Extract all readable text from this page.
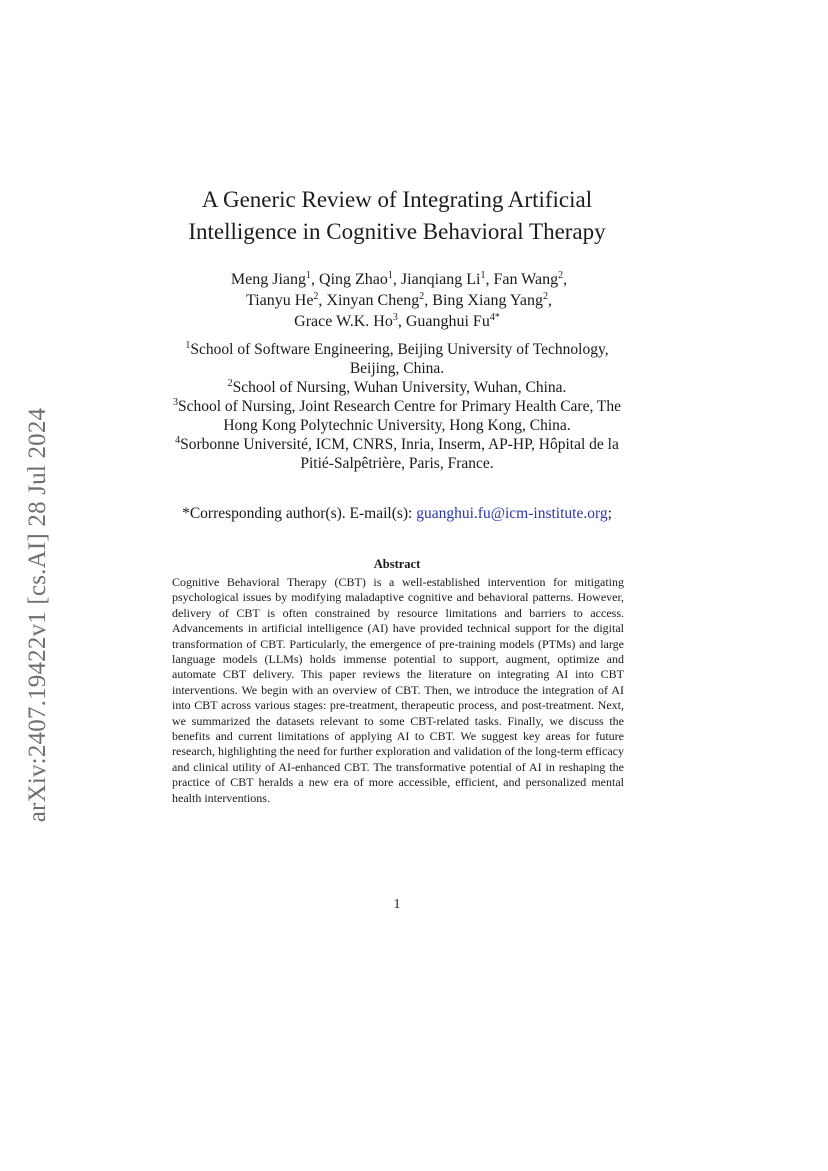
arXiv:2407.19422v1 [cs.AI] 28 Jul 2024
A Generic Review of Integrating Artificial
Intelligence in Cognitive Behavioral Therapy
Meng Jiang$^1$, Qing Zhao$^1$, Jianqiang Li$^1$, Fan Wang$^2$,
Tianyu He$^2$, Xinyan Cheng$^2$, Bing Xiang Yang$^2$,
Grace W.K. Ho$^3$, Guanghui $Fu^{4*}$
$^1$School of Software Engineering, Beijing University of Technology,
Beijing, China.
$^2$School of Nursing, Wuhan University, Wuhan, China.
$^3$School of Nursing, Joint Research Centre for Primary Health Care, The
Hong Kong Polytechnic University, Hong Kong, China.
$^4$Sorbonne Université, ICM, CNRS, Inria, Inserm, AP-HP, Hôpital de la
Pitié-Salpêtrière, Paris, France.
*Corresponding author(s). E-mail(s): guanghui.fu@icm-institute.org;
Abstract
Cognitive Behavioral Therapy (CBT) is a well-established intervention for mitigating psychological issues by modifying maladaptive cognitive and behavioral patterns. However, delivery of CBT is often constrained by resource limitations and barriers to access. Advancements in artificial intelligence (AI) have provided technical support for the digital transformation of CBT. Particularly, the emergence of pre-training models (PTMs) and large language models (LLMs) holds immense potential to support, augment, optimize and automate CBT delivery. This paper reviews the literature on integrating AI into CBT interventions. We begin with an overview of CBT. Then, we introduce the integration of AI into CBT across various stages: pre-treatment, therapeutic process, and post-treatment. Next, we summarized the datasets relevant to some CBT-related tasks. Finally, we discuss the benefits and current limitations of applying AI to CBT. We suggest key areas for future research, highlighting the need for further exploration and validation of the long-term efficacy and clinical utility of AI-enhanced CBT. The transformative potential of AI in reshaping the practice of CBT heralds a new era of more accessible, efficient, and personalized mental health interventions.
1
